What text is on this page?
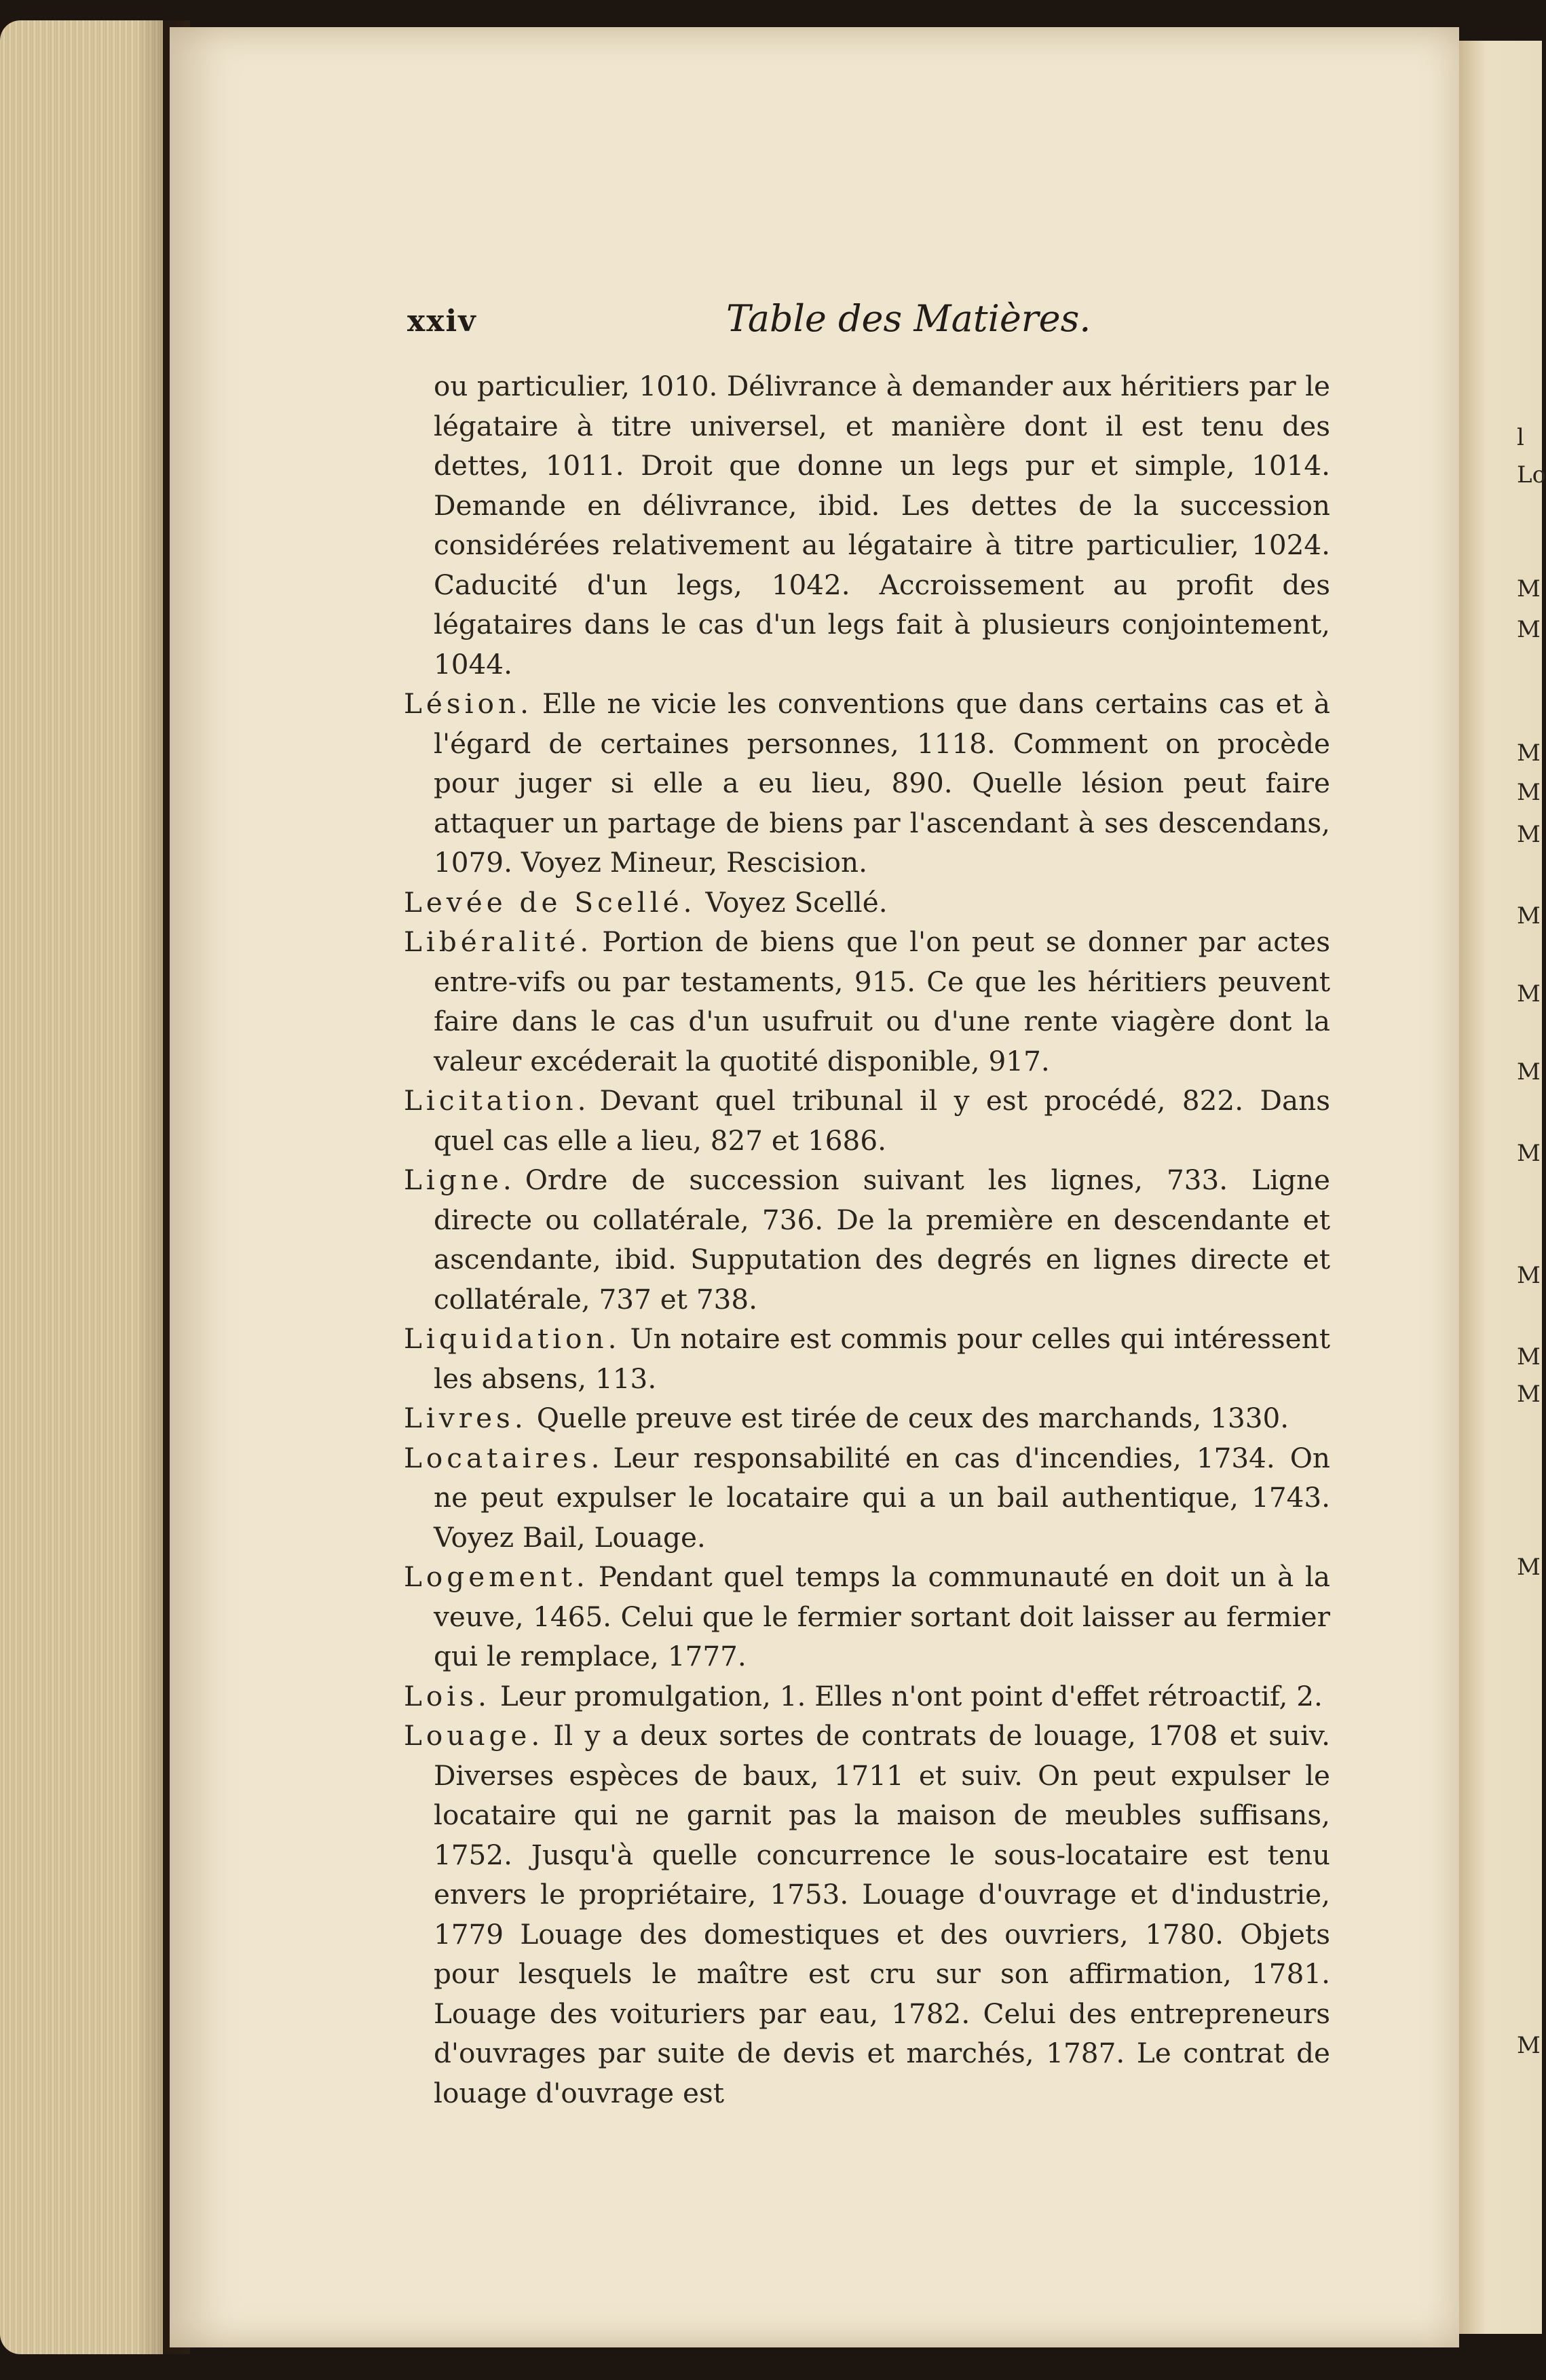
l
Lo
M
M
M
M
M
M
M
M
M
M
M
M
M
M
xxiv	Table des Matières.
ou particulier, 1010. Délivrance à demander aux héritiers par le légataire à titre universel, et manière dont il est tenu des dettes, 1011. Droit que donne un legs pur et simple, 1014. Demande en délivrance, ibid. Les dettes de la succession considérées relativement au légataire à titre particulier, 1024. Caducité d'un legs, 1042. Accroissement au profit des légataires dans le cas d'un legs fait à plusieurs conjointement, 1044.
Lésion. Elle ne vicie les conventions que dans certains cas et à l'égard de certaines personnes, 1118. Comment on procède pour juger si elle a eu lieu, 890. Quelle lésion peut faire attaquer un partage de biens par l'ascendant à ses descendans, 1079. Voyez Mineur, Rescision.
Levée de Scellé. Voyez Scellé.
Libéralité. Portion de biens que l'on peut se donner par actes entre-vifs ou par testaments, 915. Ce que les héritiers peuvent faire dans le cas d'un usufruit ou d'une rente viagère dont la valeur excéderait la quotité disponible, 917.
Licitation. Devant quel tribunal il y est procédé, 822. Dans quel cas elle a lieu, 827 et 1686.
Ligne. Ordre de succession suivant les lignes, 733. Ligne directe ou collatérale, 736. De la première en descendante et ascendante, ibid. Supputation des degrés en lignes directe et collatérale, 737 et 738.
Liquidation. Un notaire est commis pour celles qui intéressent les absens, 113.
Livres. Quelle preuve est tirée de ceux des marchands, 1330.
Locataires. Leur responsabilité en cas d'incendies, 1734. On ne peut expulser le locataire qui a un bail authentique, 1743. Voyez Bail, Louage.
Logement. Pendant quel temps la communauté en doit un à la veuve, 1465. Celui que le fermier sortant doit laisser au fermier qui le remplace, 1777.
Lois. Leur promulgation, 1. Elles n'ont point d'effet rétroactif, 2.
Louage. Il y a deux sortes de contrats de louage, 1708 et suiv. Diverses espèces de baux, 1711 et suiv. On peut expulser le locataire qui ne garnit pas la maison de meubles suffisans, 1752. Jusqu'à quelle concurrence le sous-locataire est tenu envers le propriétaire, 1753. Louage d'ouvrage et d'industrie, 1779 Louage des domestiques et des ouvriers, 1780. Objets pour lesquels le maître est cru sur son affirmation, 1781. Louage des voituriers par eau, 1782. Celui des entrepreneurs d'ouvrages par suite de devis et marchés, 1787. Le contrat de louage d'ouvrage est
